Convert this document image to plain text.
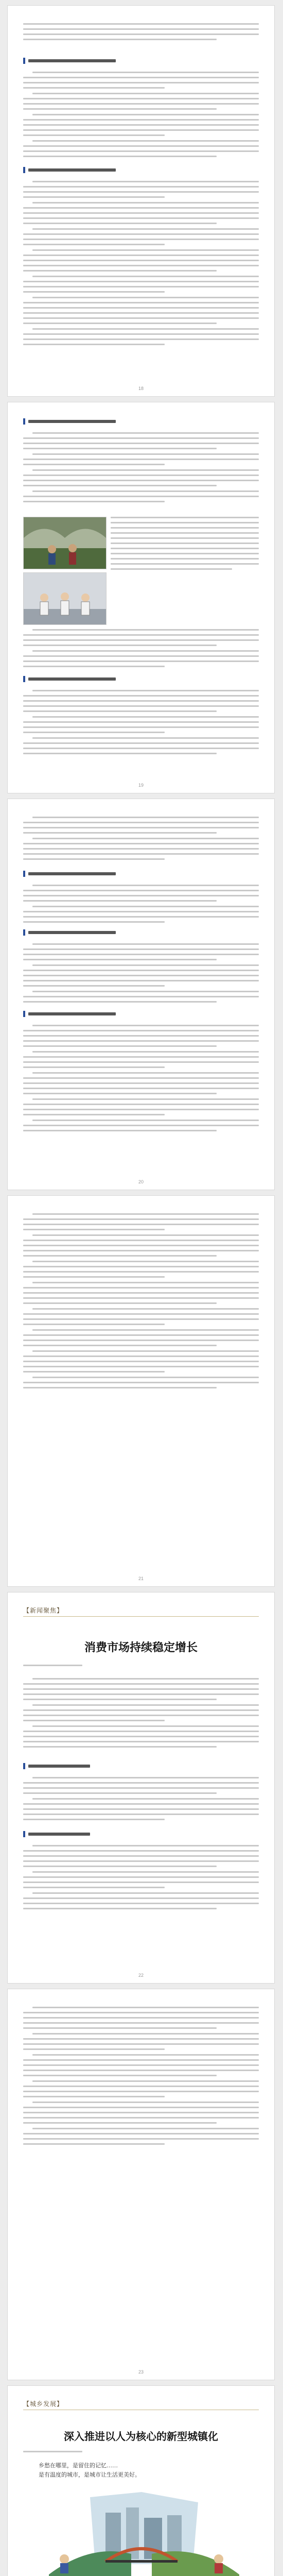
18
19
20
21
【新闻聚焦】
消费市场持续稳定增长
22
23
【城乡发展】
深入推进以人为核心的新型城镇化
乡愁在哪里，是留住的记忆……
是有温度的城市，是城市让生活更美好。
